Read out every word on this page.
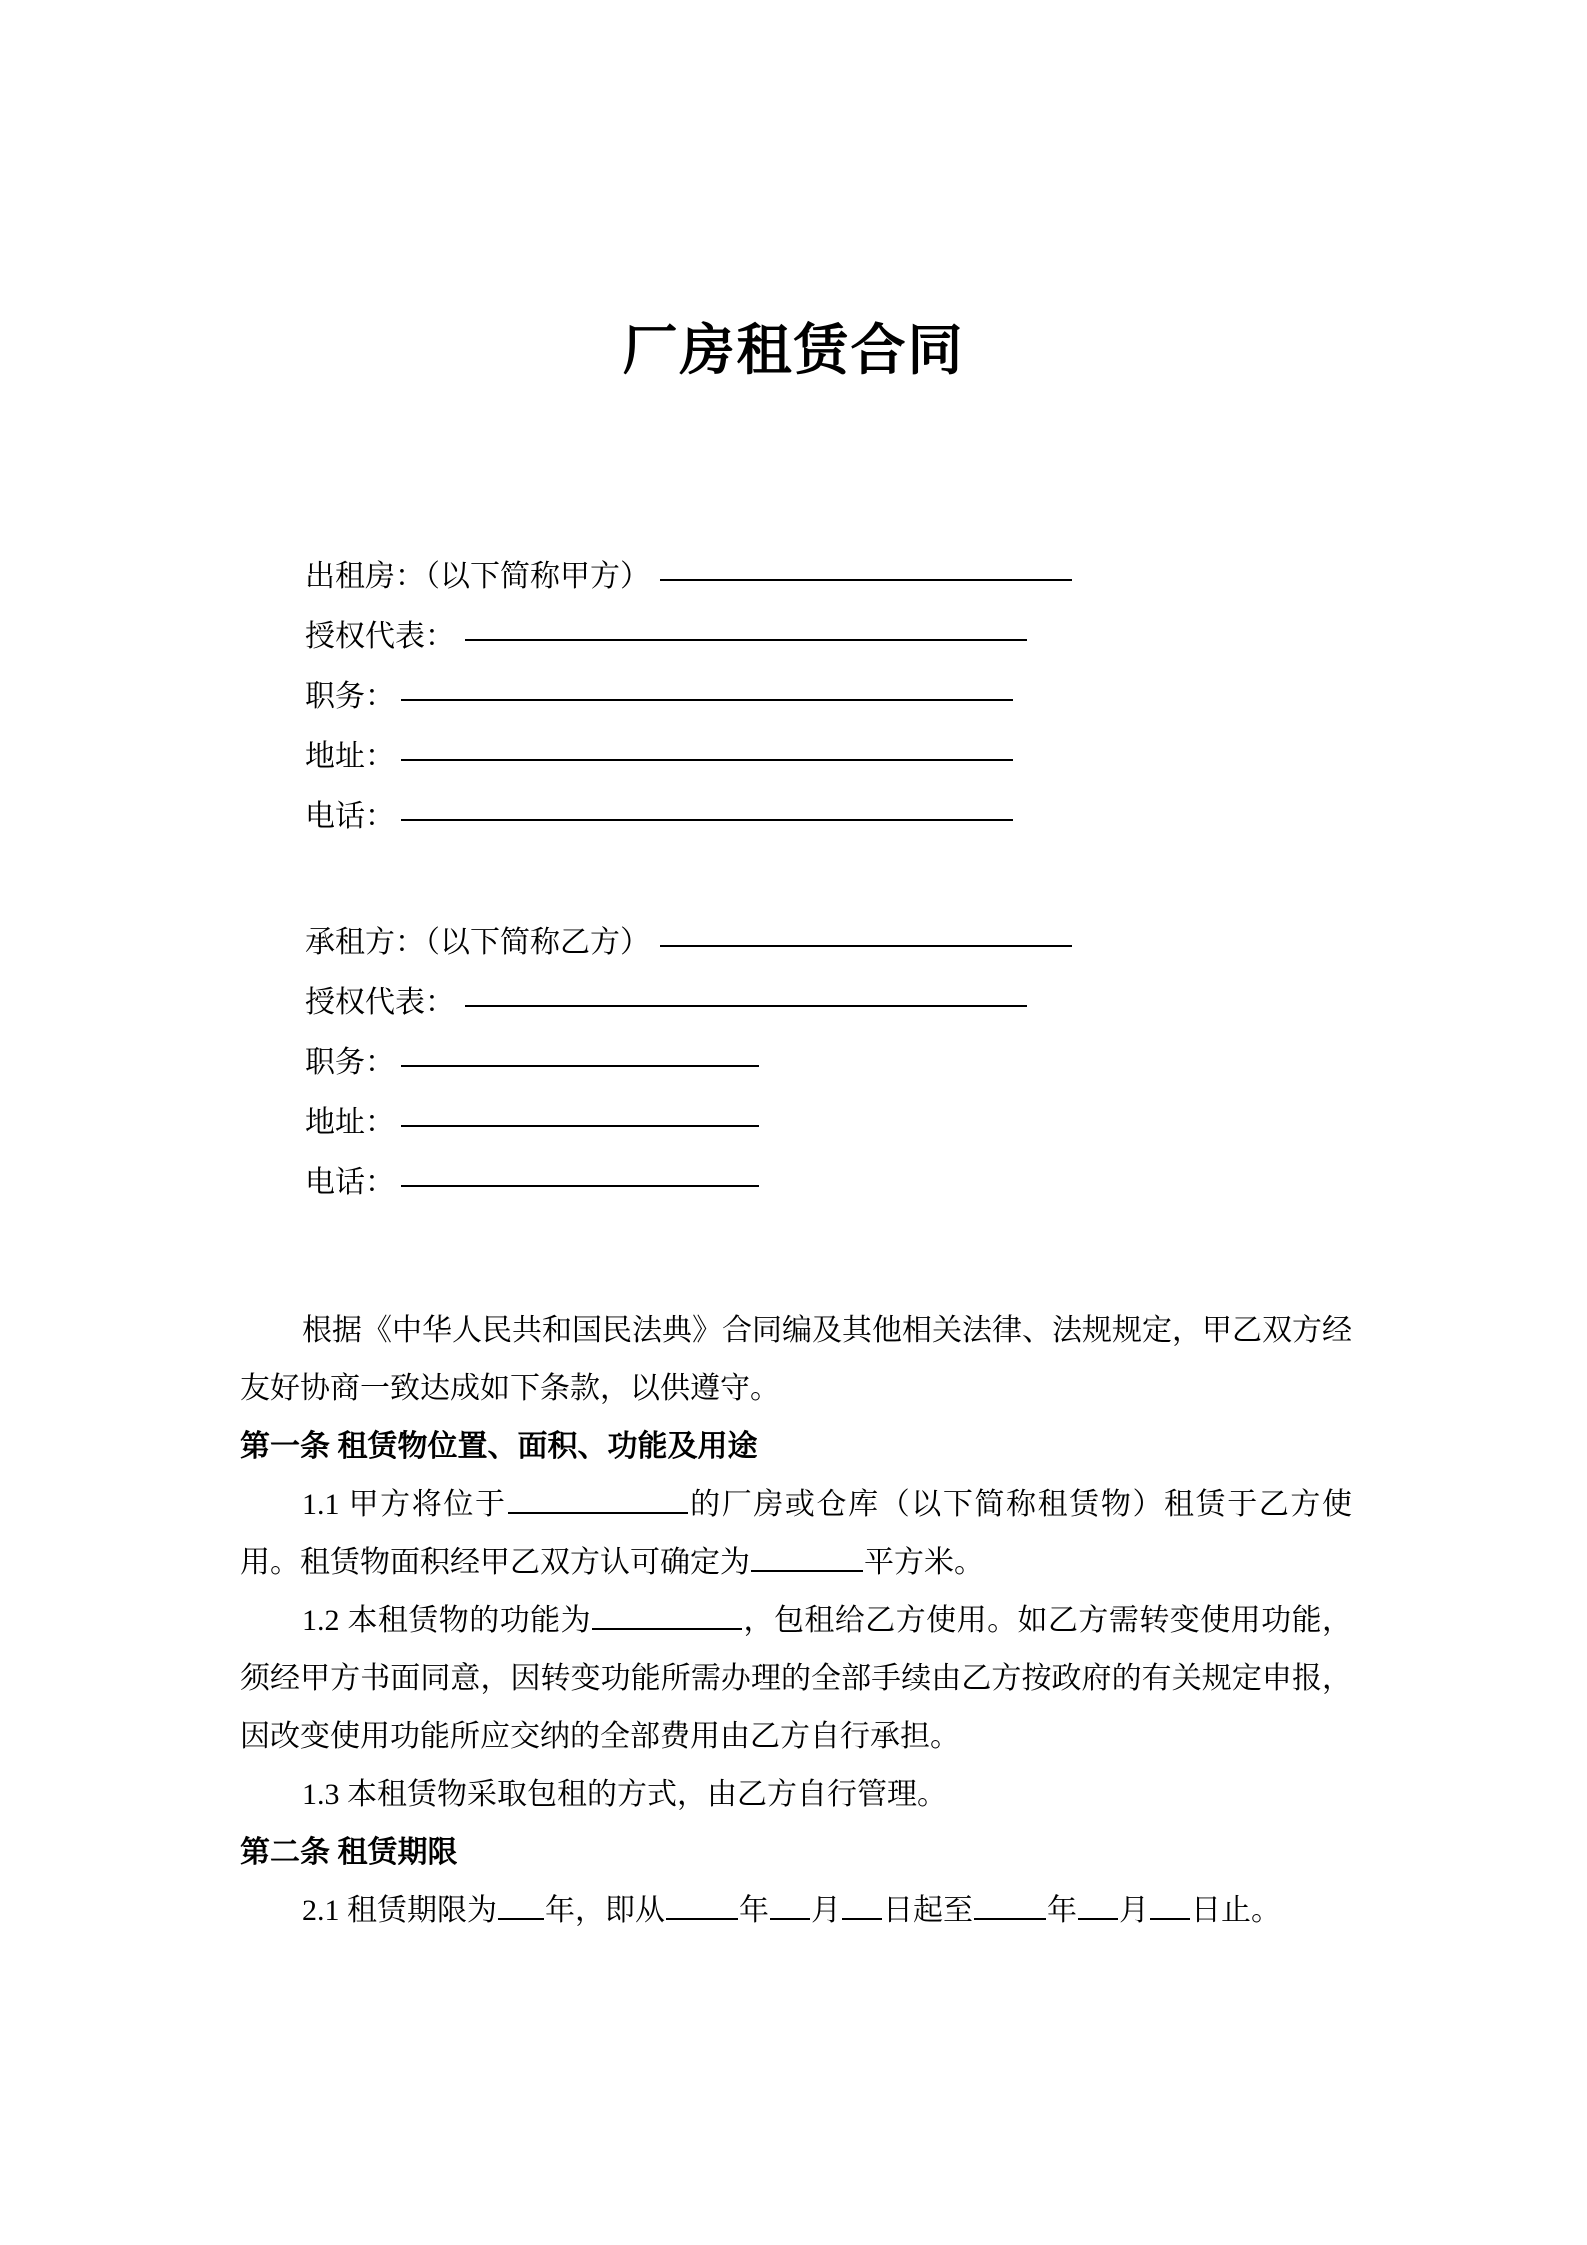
厂房租赁合同
出租房：（以下简称甲方）
授权代表：
职务：
地址：
电话：
承租方：（以下简称乙方）
授权代表：
职务：
地址：
电话：

根据《中华人民共和国民法典》合同编及其他相关法律、法规规定，甲乙双方经友好协商一致达成如下条款，以供遵守。

第一条 租赁物位置、面积、功能及用途

1.1 甲方将位于	的厂房或仓库（以下简称租赁物）租赁于乙方使用。租赁物面积经甲乙双方认可确定为	平方米。

1.2 本租赁物的功能为	，包租给乙方使用。如乙方需转变使用功能，须经甲方书面同意，因转变功能所需办理的全部手续由乙方按政府的有关规定申报，因改变使用功能所应交纳的全部费用由乙方自行承担。

1.3 本租赁物采取包租的方式，由乙方自行管理。

第二条 租赁期限

2.1 租赁期限为 年，即从 年 月 日起至 年 月 日止。
